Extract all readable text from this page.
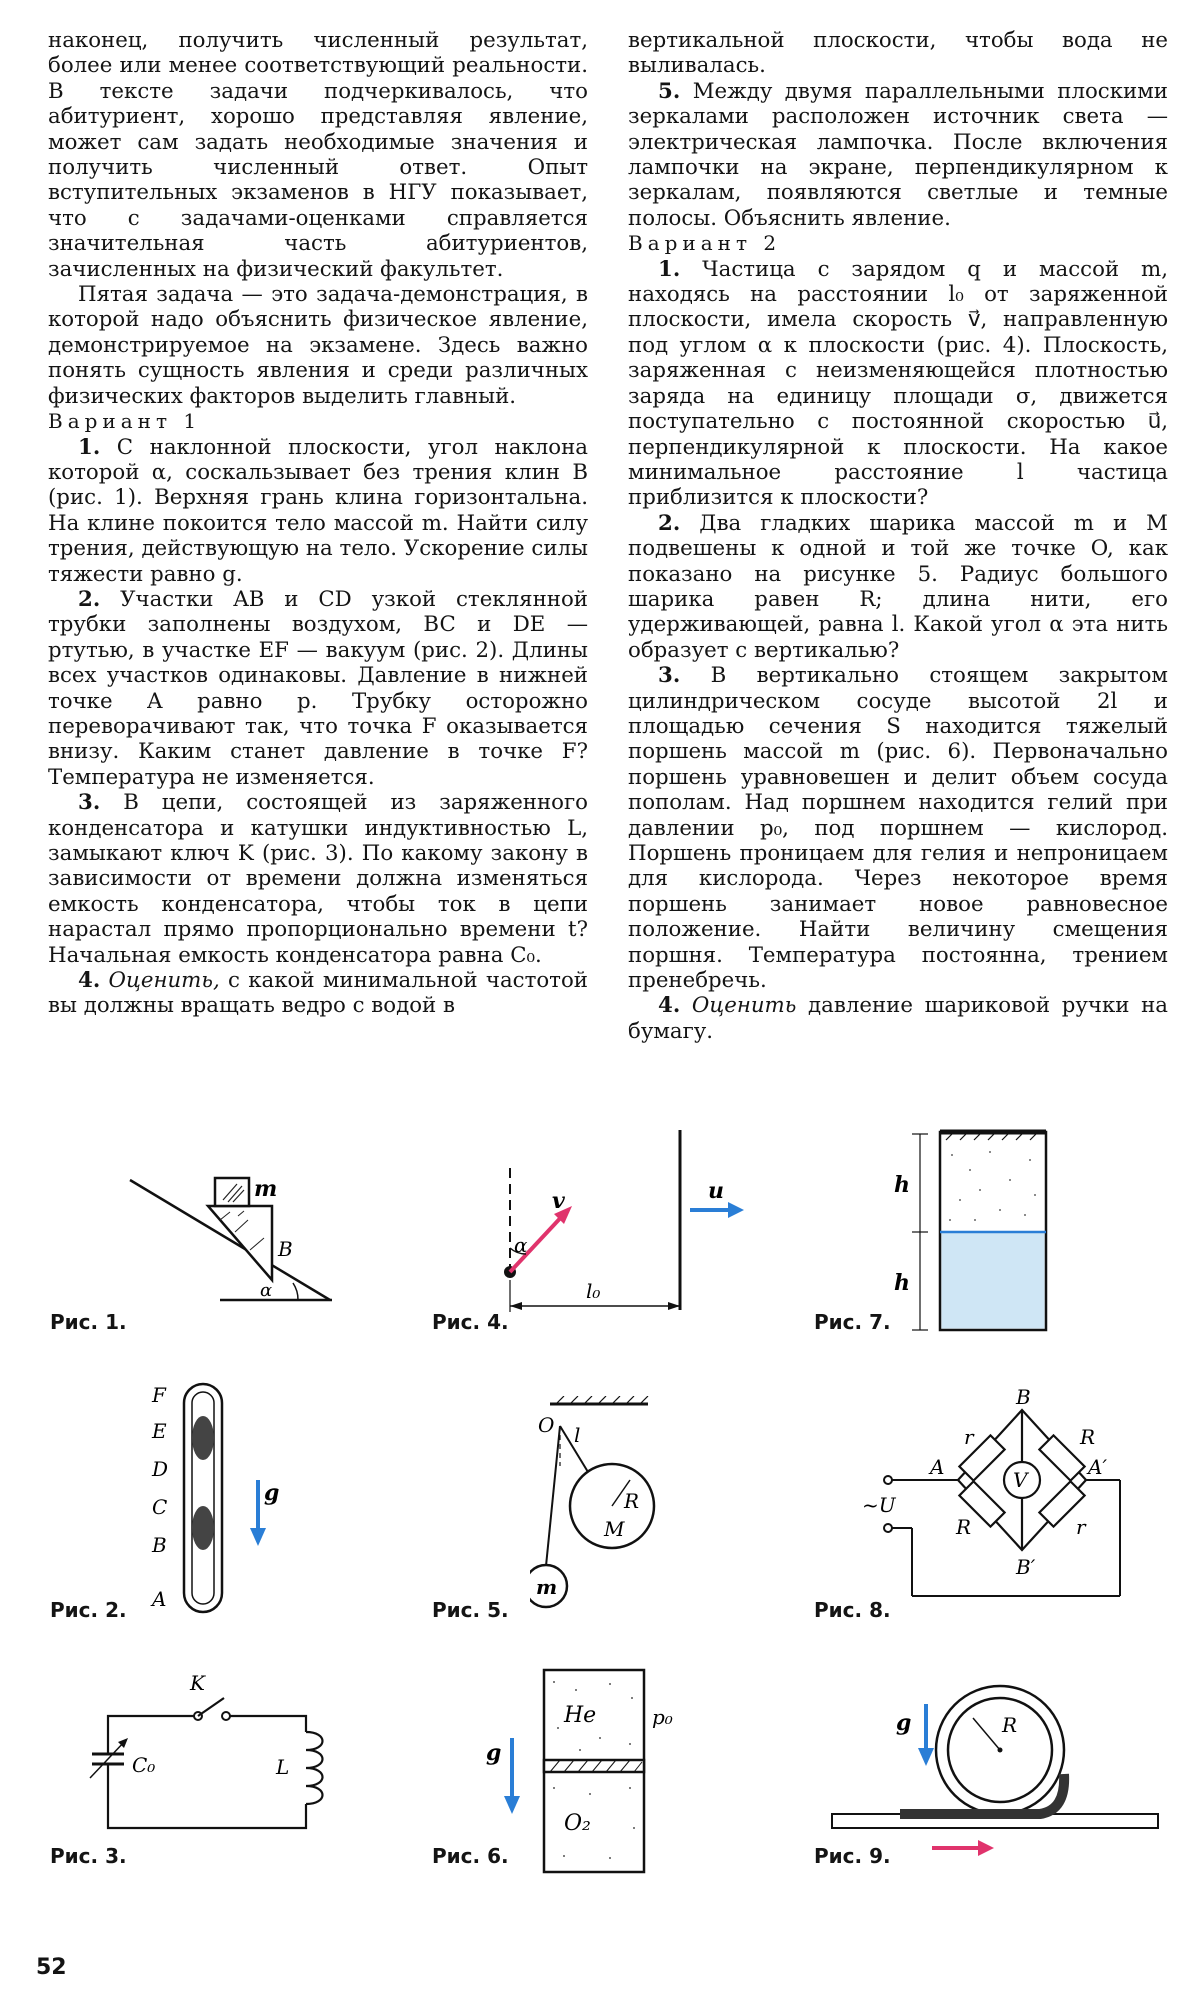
наконец, получить численный результат, более или менее соответствующий реальности. В тексте задачи подчеркивалось, что абитуриент, хорошо представляя явление, может сам задать необходимые значения и получить численный ответ. Опыт вступительных экзаменов в НГУ показывает, что с задачами-оценками справляется значительная часть абитуриентов, зачисленных на физический факультет.

Пятая задача — это задача-демонстрация, в которой надо объяснить физическое явление, демонстрируемое на экзамене. Здесь важно понять сущность явления и среди различных физических факторов выделить главный.

Вариант 1

1. С наклонной плоскости, угол наклона которой α, соскальзывает без трения клин B (рис. 1). Верхняя грань клина горизонтальна. На клине покоится тело массой m. Найти силу трения, действующую на тело. Ускорение силы тяжести равно g.

2. Участки AB и CD узкой стеклянной трубки заполнены воздухом, BC и DE — ртутью, в участке EF — вакуум (рис. 2). Длины всех участков одинаковы. Давление в нижней точке A равно p. Трубку осторожно переворачивают так, что точка F оказывается внизу. Каким станет давление в точке F? Температура не изменяется.

3. В цепи, состоящей из заряженного конденсатора и катушки индуктивностью L, замыкают ключ K (рис. 3). По какому закону в зависимости от времени должна изменяться емкость конденсатора, чтобы ток в цепи нарастал прямо пропорционально времени t? Начальная емкость конденсатора равна C₀.

4. Оценить, с какой минимальной частотой вы должны вращать ведро с водой в

вертикальной плоскости, чтобы вода не выливалась.

5. Между двумя параллельными плоскими зеркалами расположен источник света — электрическая лампочка. После включения лампочки на экране, перпендикулярном к зеркалам, появляются светлые и темные полосы. Объяснить явление.

Вариант 2

1. Частица с зарядом q и массой m, находясь на расстоянии l₀ от заряженной плоскости, имела скорость v⃗, направленную под углом α к плоскости (рис. 4). Плоскость, заряженная с неизменяющейся плотностью заряда на единицу площади σ, движется поступательно с постоянной скоростью u⃗, перпендикулярной к плоскости. На какое минимальное расстояние l частица приблизится к плоскости?

2. Два гладких шарика массой m и M подвешены к одной и той же точке O, как показано на рисунке 5. Радиус большого шарика равен R; длина нити, его удерживающей, равна l. Какой угол α эта нить образует с вертикалью?

3. В вертикально стоящем закрытом цилиндрическом сосуде высотой 2l и площадью сечения S находится тяжелый поршень массой m (рис. 6). Первоначально поршень уравновешен и делит объем сосуда пополам. Над поршнем находится гелий при давлении p₀, под поршнем — кислород. Поршень проницаем для гелия и непроницаем для кислорода. Через некоторое время поршень занимает новое равновесное положение. Найти величину смещения поршня. Температура постоянна, трением пренебречь.

4. Оценить давление шариковой ручки на бумагу.

Рис. 1.	Рис. 4.	Рис. 7.
Рис. 2.	Рис. 5.	Рис. 8.
Рис. 3.	Рис. 6.	Рис. 9.
m
B
α
α
v	u
l₀
h
h
F
E
D
C
B
A
g
O l
R
M
m
B
B′
A	A′
r	R
R	r
V
~U
K
C₀	L
He	p₀
O₂
g
g	R
52
